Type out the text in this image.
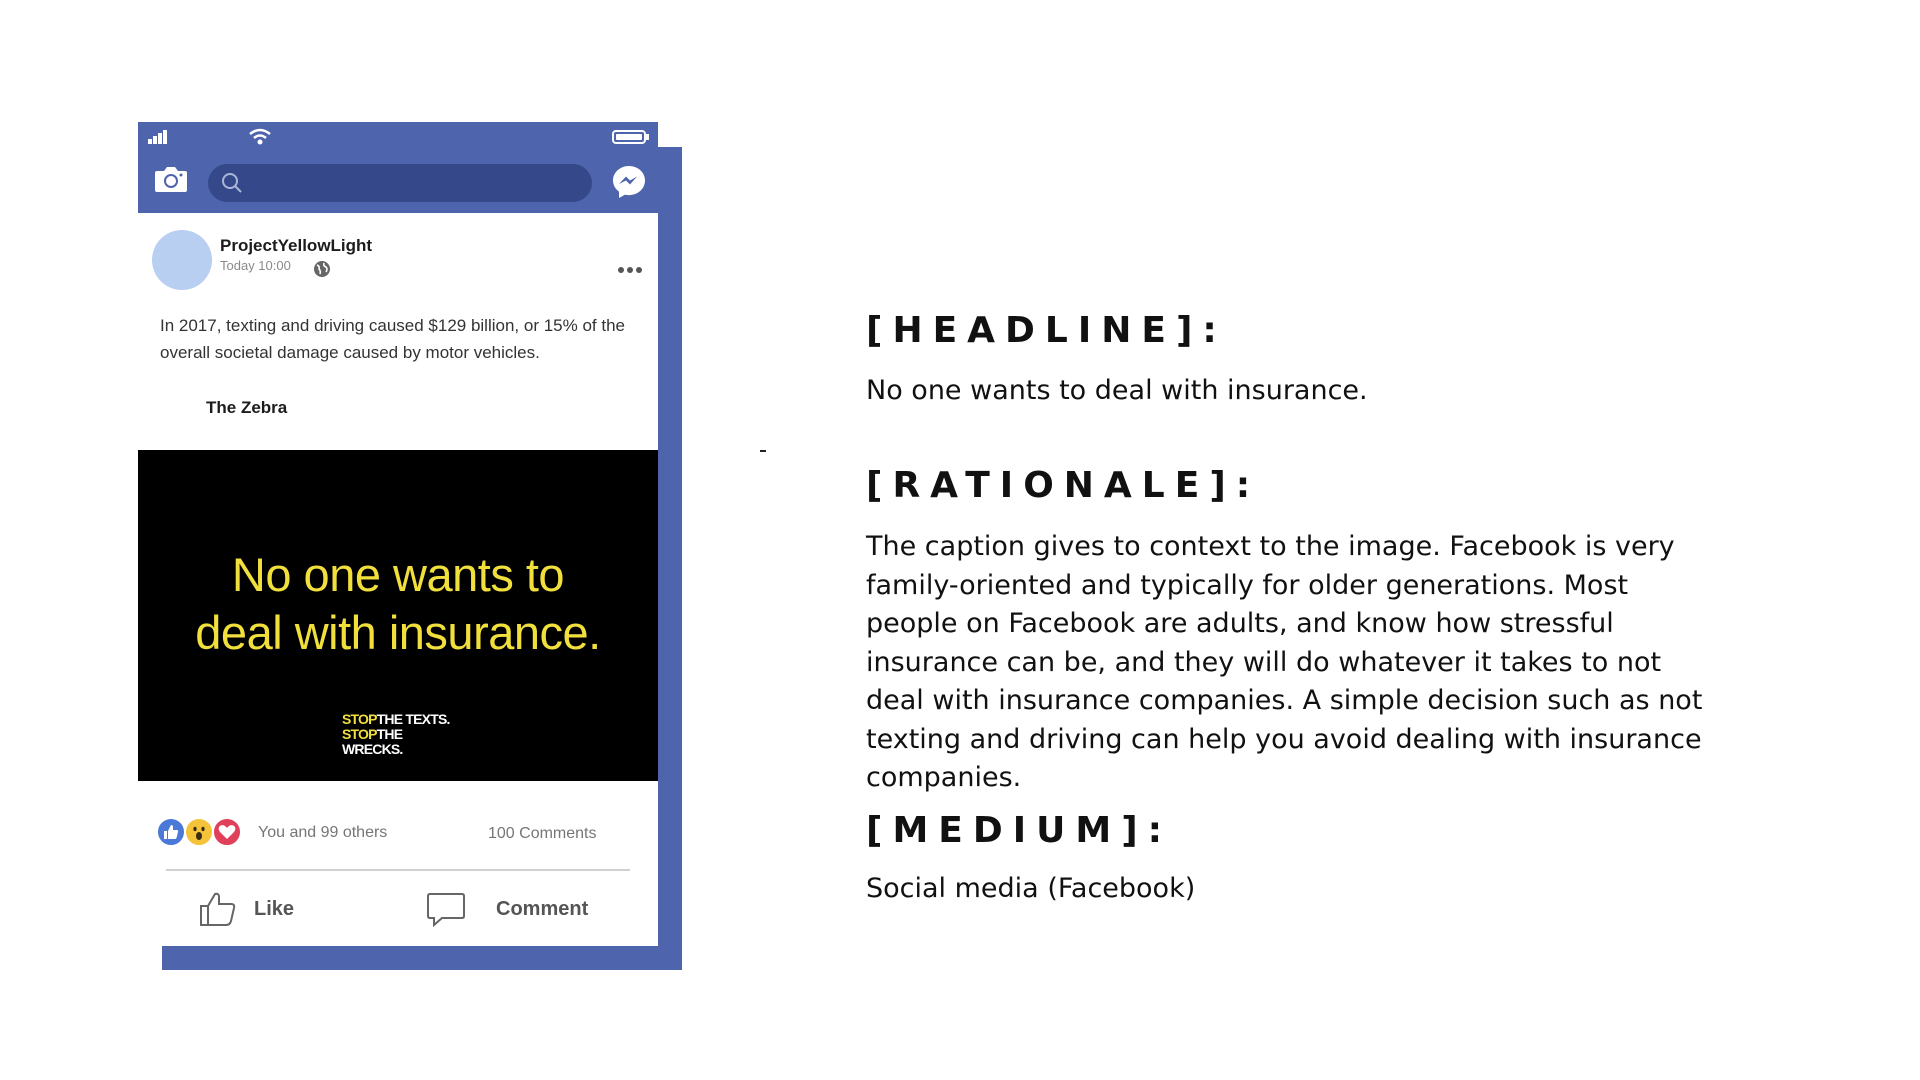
ProjectYellowLight
Today 10:00
In 2017, texting and driving caused $129 billion, or 15% of the overall societal damage caused by motor vehicles.
The Zebra
No one wants to
deal with insurance.
STOPTHE TEXTS.
STOPTHE WRECKS.
You and 99 others	100 Comments
Like	Comment
[HEADLINE]:
No one wants to deal with insurance.
[RATIONALE]:
The caption gives to context to the image. Facebook is very family-oriented and typically for older generations. Most people on Facebook are adults, and know how stressful insurance can be, and they will do whatever it takes to not deal with insurance companies. A simple decision such as not texting and driving can help you avoid dealing with insurance companies.
[MEDIUM]:
Social media (Facebook)
